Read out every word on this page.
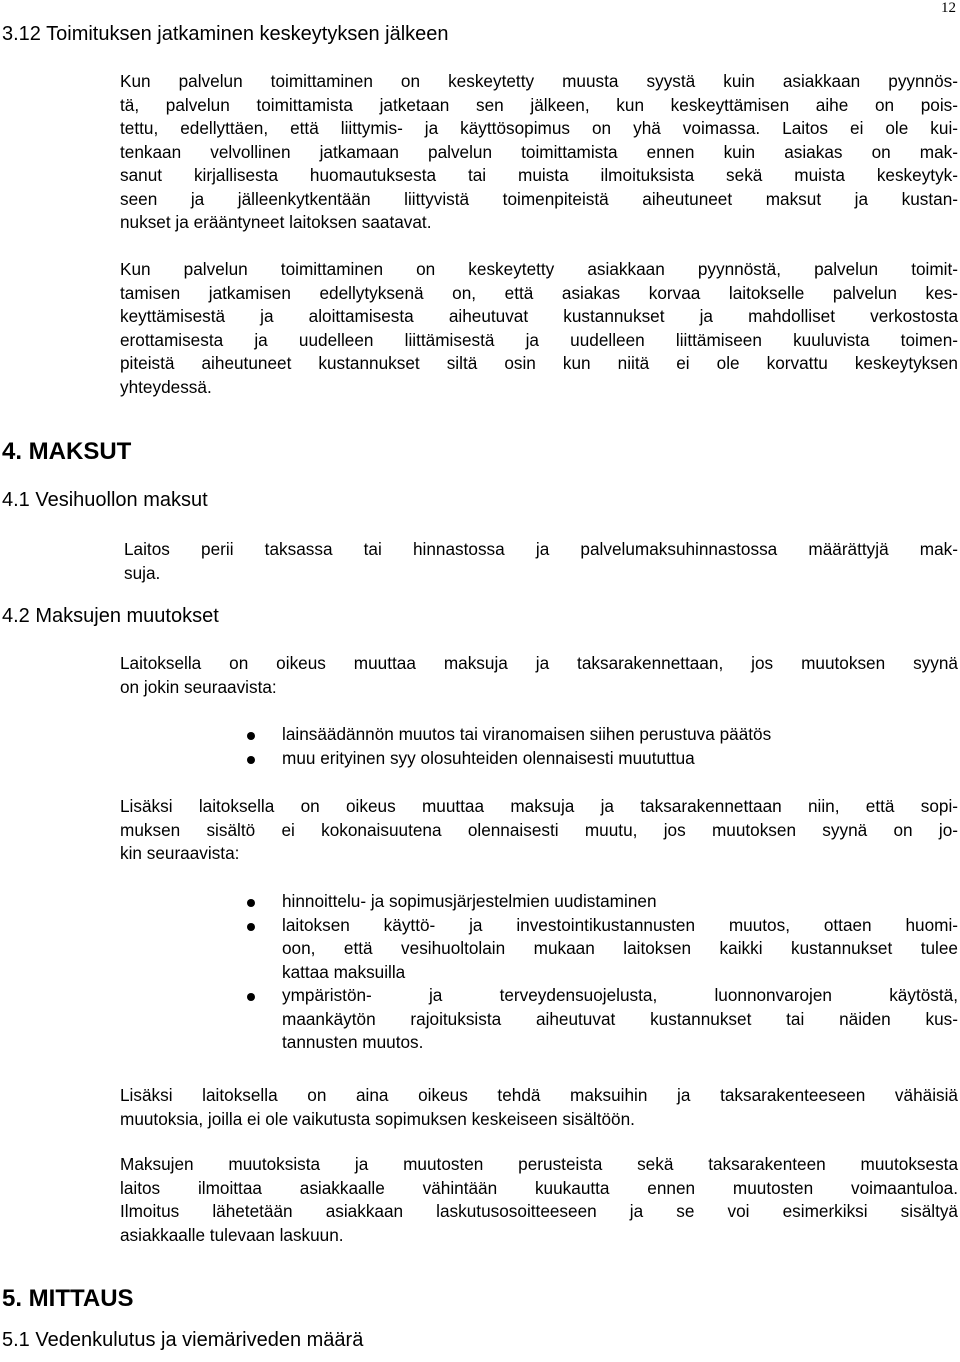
12
3.12 Toimituksen jatkaminen keskeytyksen jälkeen
Kun palvelun toimittaminen on keskeytetty muusta syystä kuin asiakkaan pyynnös-
tä, palvelun toimittamista jatketaan sen jälkeen, kun keskeyttämisen aihe on pois-
tettu, edellyttäen, että liittymis- ja käyttösopimus on yhä voimassa. Laitos ei ole kui-
tenkaan velvollinen jatkamaan palvelun toimittamista ennen kuin asiakas on mak-
sanut kirjallisesta huomautuksesta tai muista ilmoituksista sekä muista keskeytyk-
seen ja jälleenkytkentään liittyvistä toimenpiteistä aiheutuneet maksut ja kustan-
nukset ja erääntyneet laitoksen saatavat.
Kun palvelun toimittaminen on keskeytetty asiakkaan pyynnöstä, palvelun toimit-
tamisen jatkamisen edellytyksenä on, että asiakas korvaa laitokselle palvelun kes-
keyttämisestä ja aloittamisesta aiheutuvat kustannukset ja mahdolliset verkostosta
erottamisesta ja uudelleen liittämisestä ja uudelleen liittämiseen kuuluvista toimen-
piteistä aiheutuneet kustannukset siltä osin kun niitä ei ole korvattu keskeytyksen
yhteydessä.
4. MAKSUT
4.1 Vesihuollon maksut
Laitos perii taksassa tai hinnastossa ja palvelumaksuhinnastossa määrättyjä mak-
suja.
4.2 Maksujen muutokset
Laitoksella on oikeus muuttaa maksuja ja taksarakennettaan, jos muutoksen syynä
on jokin seuraavista:
lainsäädännön muutos tai viranomaisen siihen perustuva päätös
muu erityinen syy olosuhteiden olennaisesti muututtua
Lisäksi laitoksella on oikeus muuttaa maksuja ja taksarakennettaan niin, että sopi-
muksen sisältö ei kokonaisuutena olennaisesti muutu, jos muutoksen syynä on jo-
kin seuraavista:
hinnoittelu- ja sopimusjärjestelmien uudistaminen
laitoksen käyttö- ja investointikustannusten muutos, ottaen huomi-
oon, että vesihuoltolain mukaan laitoksen kaikki kustannukset tulee
kattaa maksuilla
ympäristön- ja terveydensuojelusta, luonnonvarojen käytöstä,
maankäytön rajoituksista aiheutuvat kustannukset tai näiden kus-
tannusten muutos.
Lisäksi laitoksella on aina oikeus tehdä maksuihin ja taksarakenteeseen vähäisiä
muutoksia, joilla ei ole vaikutusta sopimuksen keskeiseen sisältöön.
Maksujen muutoksista ja muutosten perusteista sekä taksarakenteen muutoksesta
laitos ilmoittaa asiakkaalle vähintään kuukautta ennen muutosten voimaantuloa.
Ilmoitus lähetetään asiakkaan laskutusosoitteeseen ja se voi esimerkiksi sisältyä
asiakkaalle tulevaan laskuun.
5. MITTAUS
5.1 Vedenkulutus ja viemäriveden määrä
